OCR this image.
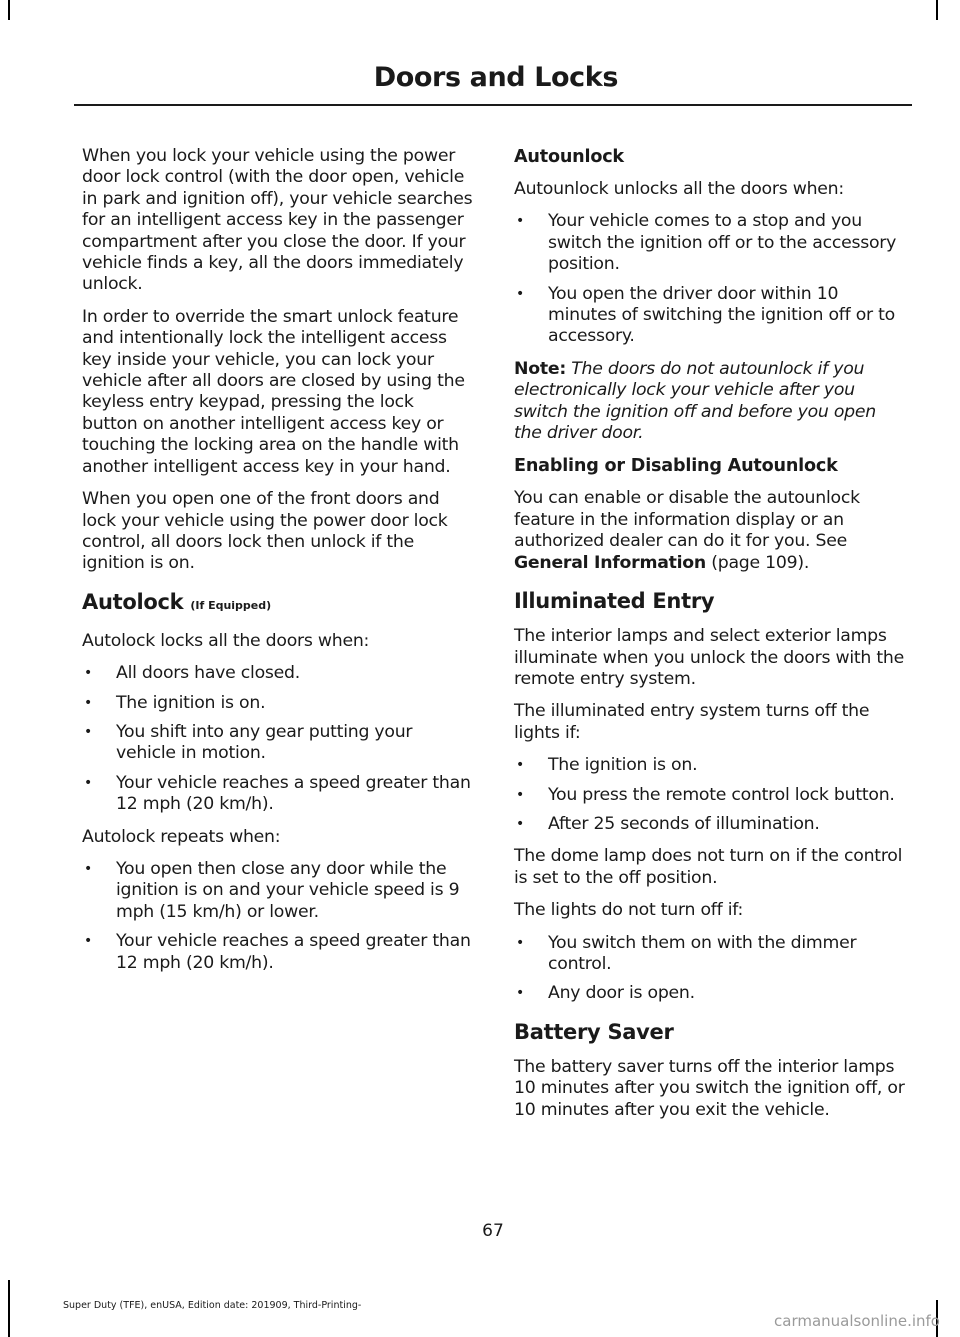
Doors and Locks

When you lock your vehicle using the power door lock control (with the door open, vehicle in park and ignition off), your vehicle searches for an intelligent access key in the passenger compartment after you close the door. If your vehicle finds a key, all the doors immediately unlock.

In order to override the smart unlock feature and intentionally lock the intelligent access key inside your vehicle, you can lock your vehicle after all doors are closed by using the keyless entry keypad, pressing the lock button on another intelligent access key or touching the locking area on the handle with another intelligent access key in your hand.

When you open one of the front doors and lock your vehicle using the power door lock control, all doors lock then unlock if the ignition is on.

Autolock (If Equipped)

Autolock locks all the doors when:

• All doors have closed.
• The ignition is on.
• You shift into any gear putting your vehicle in motion.
• Your vehicle reaches a speed greater than 12 mph (20 km/h).

Autolock repeats when:

• You open then close any door while the ignition is on and your vehicle speed is 9 mph (15 km/h) or lower.
• Your vehicle reaches a speed greater than 12 mph (20 km/h).
Autounlock

Autounlock unlocks all the doors when:

• Your vehicle comes to a stop and you switch the ignition off or to the accessory position.
• You open the driver door within 10 minutes of switching the ignition off or to accessory.

Note: The doors do not autounlock if you electronically lock your vehicle after you switch the ignition off and before you open the driver door.

Enabling or Disabling Autounlock

You can enable or disable the autounlock feature in the information display or an authorized dealer can do it for you. See General Information (page 109).

Illuminated Entry

The interior lamps and select exterior lamps illuminate when you unlock the doors with the remote entry system.

The illuminated entry system turns off the lights if:

• The ignition is on.
• You press the remote control lock button.
• After 25 seconds of illumination.

The dome lamp does not turn on if the control is set to the off position.

The lights do not turn off if:

• You switch them on with the dimmer control.
• Any door is open.
Battery Saver

The battery saver turns off the interior lamps 10 minutes after you switch the ignition off, or 10 minutes after you exit the vehicle.

67
Super Duty (TFE), enUSA, Edition date: 201909, Third-Printing-
carmanualsonline.info
